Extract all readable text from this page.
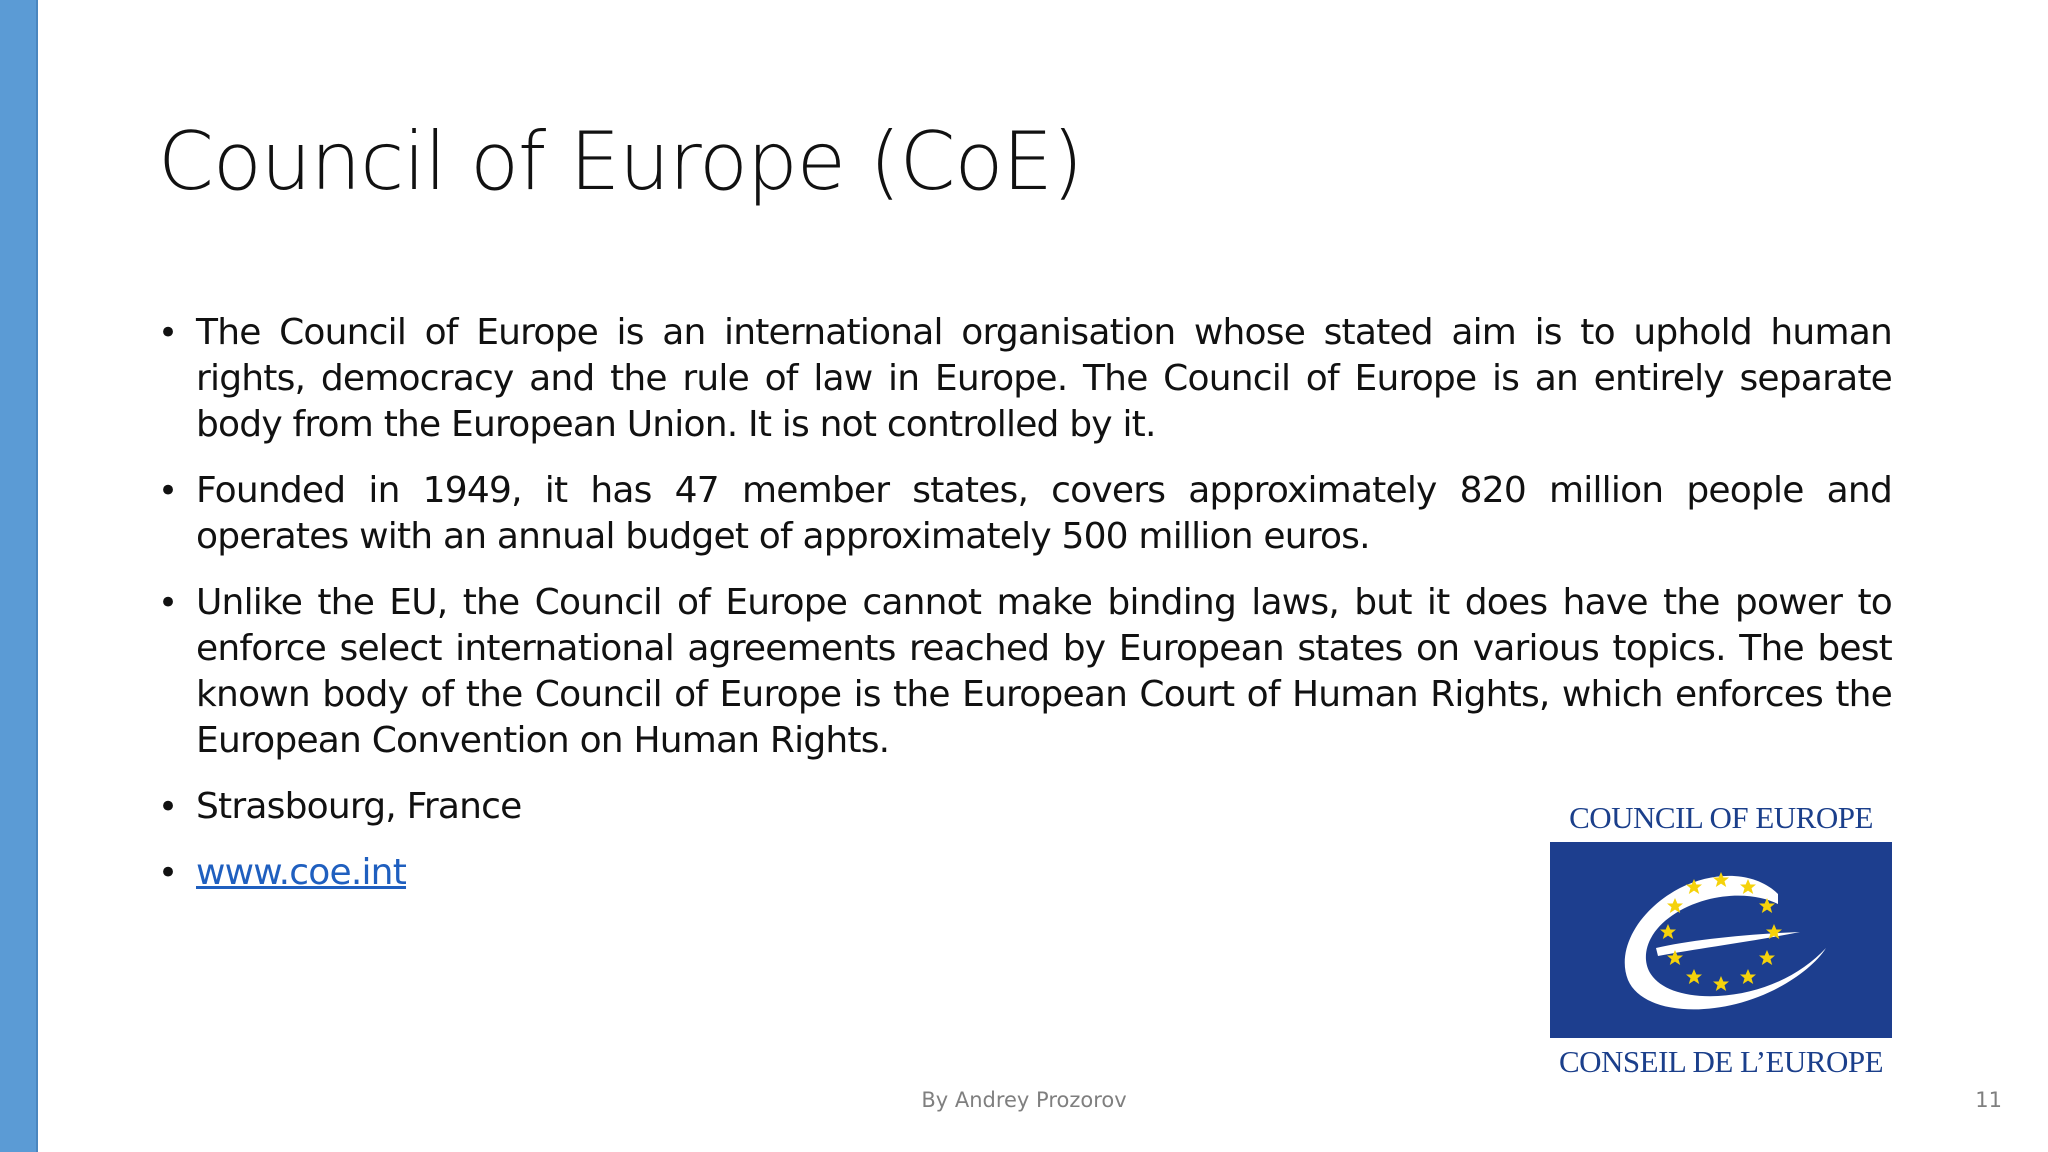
Council of Europe (CoE)
• The Council of Europe is an international organisation whose stated aim is to uphold human rights, democracy and the rule of law in Europe. The Council of Europe is an entirely separate body from the European Union. It is not controlled by it.
• Founded in 1949, it has 47 member states, covers approximately 820 million people and operates with an annual budget of approximately 500 million euros.
• Unlike the EU, the Council of Europe cannot make binding laws, but it does have the power to enforce select international agreements reached by European states on various topics. The best known body of the Council of Europe is the European Court of Human Rights, which enforces the European Convention on Human Rights.
• Strasbourg, France
• www.coe.int
COUNCIL OF EUROPE
CONSEIL DE L’EUROPE
By Andrey Prozorov	11
